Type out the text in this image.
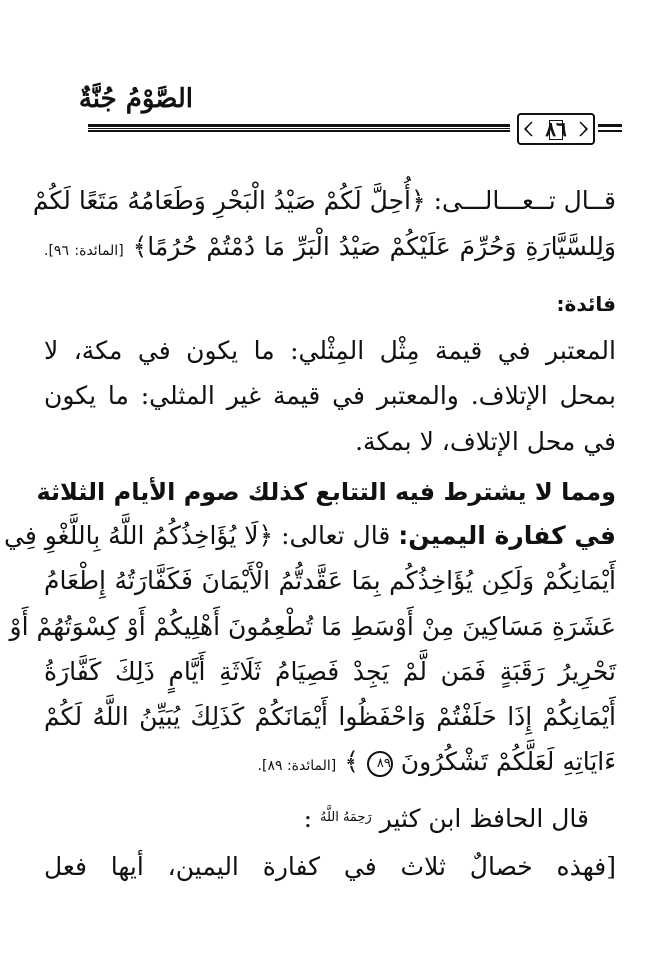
الصَّوْمُ جُنَّةٌ
٨٦
قــال تــعـــالـــى: ﴿أُحِلَّ لَكُمْ صَيْدُ الْبَحْرِ وَطَعَامُهُ مَتَعًا لَكُمْ
وَلِلسَّيَّارَةِ وَحُرِّمَ عَلَيْكُمْ صَيْدُ الْبَرِّ مَا دُمْتُمْ حُرُمًا﴾ [المائدة: ٩٦].
فائدة:
المعتبر في قيمة مِثْل المِثْلي: ما يكون في مكة، لا
بمحل الإتلاف. والمعتبر في قيمة غير المثلي: ما يكون
في محل الإتلاف، لا بمكة.
ومما لا يشترط فيه التتابع كذلك صوم الأيام الثلاثة
في كفارة اليمين: قال تعالى: ﴿لَا يُؤَاخِذُكُمُ اللَّهُ بِاللَّغْوِ فِي
أَيْمَانِكُمْ وَلَكِن يُؤَاخِذُكُم بِمَا عَقَّدتُّمُ الْأَيْمَانَ فَكَفَّارَتُهُ إِطْعَامُ
عَشَرَةِ مَسَاكِينَ مِنْ أَوْسَطِ مَا تُطْعِمُونَ أَهْلِيكُمْ أَوْ كِسْوَتُهُمْ أَوْ
تَحْرِيرُ رَقَبَةٍ فَمَن لَّمْ يَجِدْ فَصِيَامُ ثَلَاثَةِ أَيَّامٍ ذَلِكَ كَفَّارَةُ
أَيْمَانِكُمْ إِذَا حَلَفْتُمْ وَاحْفَظُوا أَيْمَانَكُمْ كَذَلِكَ يُبَيِّنُ اللَّهُ لَكُمْ
ءَايَاتِهِ لَعَلَّكُمْ تَشْكُرُونَ ٨٩ ﴾ [المائدة: ٨٩].
قال الحافظ ابن كثير $^{رَحِمَهُ اللَّهُ}$ :
[فهذه خصالٌ ثلاث في كفارة اليمين، أيها فعل
